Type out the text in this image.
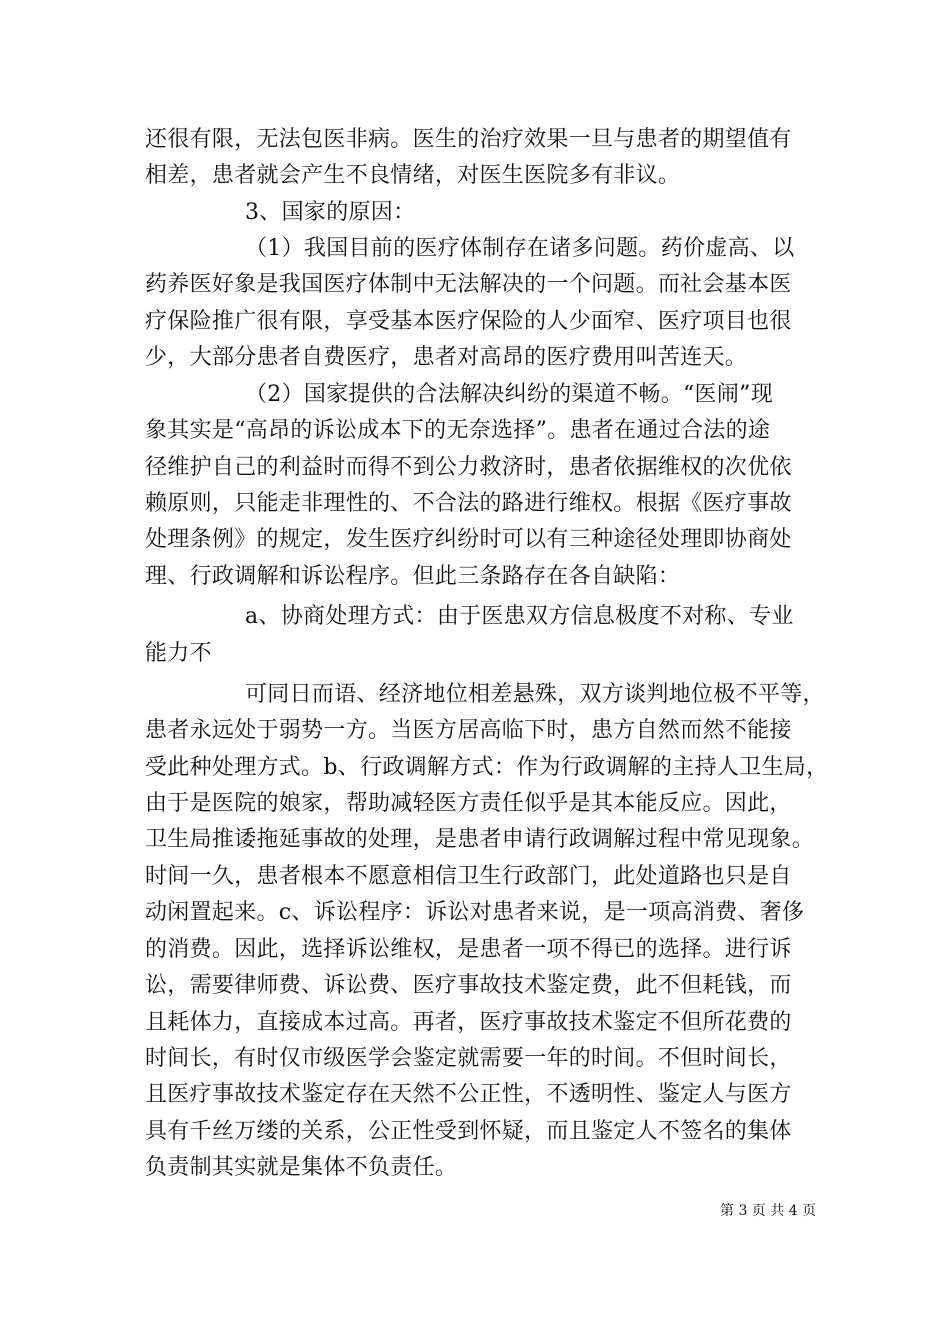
还很有限，无法包医非病。医生的治疗效果一旦与患者的期望值有
相差，患者就会产生不良情绪，对医生医院多有非议。
3、国家的原因：
（1）我国目前的医疗体制存在诸多问题。药价虚高、以
药养医好象是我国医疗体制中无法解决的一个问题。而社会基本医
疗保险推广很有限，享受基本医疗保险的人少面窄、医疗项目也很
少，大部分患者自费医疗，患者对高昂的医疗费用叫苦连天。
（2）国家提供的合法解决纠纷的渠道不畅。“医闹”现
象其实是“高昂的诉讼成本下的无奈选择”。患者在通过合法的途
径维护自己的利益时而得不到公力救济时，患者依据维权的次优依
赖原则，只能走非理性的、不合法的路进行维权。根据《医疗事故
处理条例》的规定，发生医疗纠纷时可以有三种途径处理即协商处
理、行政调解和诉讼程序。但此三条路存在各自缺陷：
a、协商处理方式：由于医患双方信息极度不对称、专业
能力不
可同日而语、经济地位相差悬殊，双方谈判地位极不平等，
患者永远处于弱势一方。当医方居高临下时，患方自然而然不能接
受此种处理方式。b、行政调解方式：作为行政调解的主持人卫生局，
由于是医院的娘家，帮助减轻医方责任似乎是其本能反应。因此，
卫生局推诿拖延事故的处理，是患者申请行政调解过程中常见现象。
时间一久，患者根本不愿意相信卫生行政部门，此处道路也只是自
动闲置起来。c、诉讼程序：诉讼对患者来说，是一项高消费、奢侈
的消费。因此，选择诉讼维权，是患者一项不得已的选择。进行诉
讼，需要律师费、诉讼费、医疗事故技术鉴定费，此不但耗钱，而
且耗体力，直接成本过高。再者，医疗事故技术鉴定不但所花费的
时间长，有时仅市级医学会鉴定就需要一年的时间。不但时间长，
且医疗事故技术鉴定存在天然不公正性，不透明性、鉴定人与医方
具有千丝万缕的关系，公正性受到怀疑，而且鉴定人不签名的集体
负责制其实就是集体不负责任。
第 3 页 共 4 页
